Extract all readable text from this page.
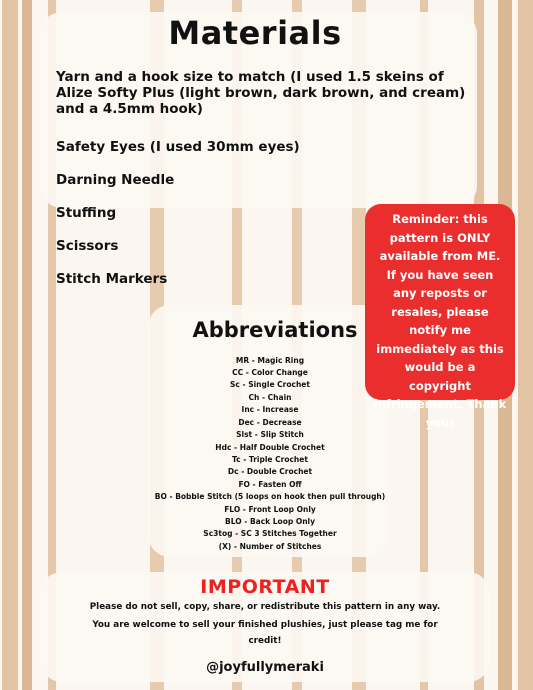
Materials
Yarn and a hook size to match (I used 1.5 skeins of Alize Softy Plus (light brown, dark brown, and cream) and a 4.5mm hook)
Safety Eyes (I used 30mm eyes)
Darning Needle
Stuffing
Scissors
Stitch Markers
Reminder: this pattern is ONLY available from ME. If you have seen any reposts or resales, please notify me immediately as this would be a copyright infringement. Thank you!
Abbreviations
MR - Magic Ring
CC - Color Change
Sc - Single Crochet
Ch - Chain
Inc - Increase
Dec - Decrease
Slst - Slip Stitch
Hdc - Half Double Crochet
Tc - Triple Crochet
Dc - Double Crochet
FO - Fasten Off
BO - Bobble Stitch (5 loops on hook then pull through)
FLO - Front Loop Only
BLO - Back Loop Only
Sc3tog - SC 3 Stitches Together
(X) - Number of Stitches
IMPORTANT
Please do not sell, copy, share, or redistribute this pattern in any way.
You are welcome to sell your finished plushies, just please tag me for
credit!
@joyfullymeraki
